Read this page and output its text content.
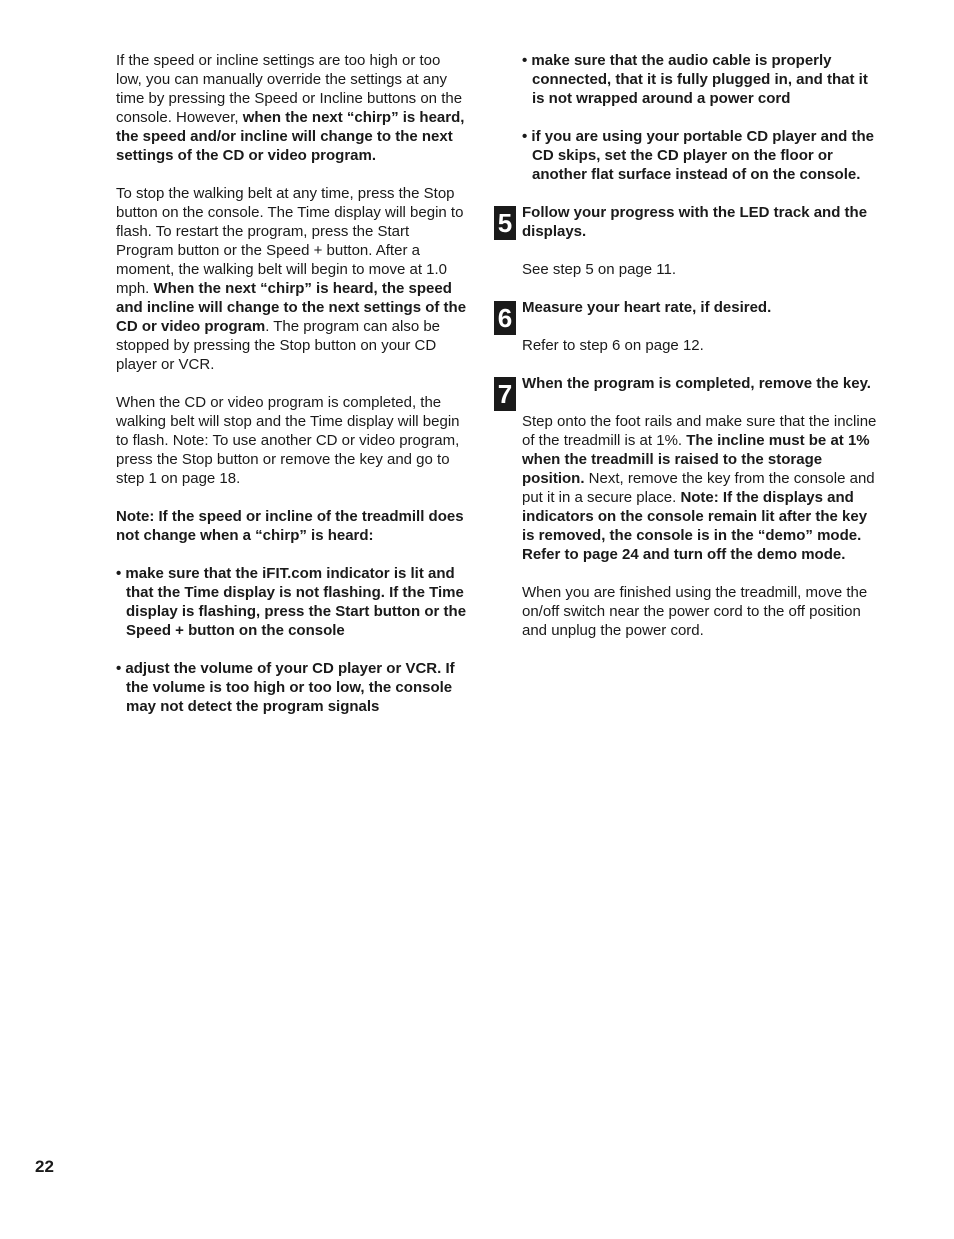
If the speed or incline settings are too high or too low, you can manually override the settings at any time by pressing the Speed or Incline buttons on the console. However, when the next “chirp” is heard, the speed and/or incline will change to the next settings of the CD or video program.

To stop the walking belt at any time, press the Stop button on the console. The Time display will begin to flash. To restart the program, press the Start Program button or the Speed + button. After a moment, the walking belt will begin to move at 1.0 mph. When the next “chirp” is heard, the speed and incline will change to the next settings of the CD or video program. The program can also be stopped by pressing the Stop button on your CD player or VCR.

When the CD or video program is completed, the walking belt will stop and the Time display will begin to flash. Note: To use another CD or video program, press the Stop button or remove the key and go to step 1 on page 18.

Note: If the speed or incline of the treadmill does not change when a “chirp” is heard:

• make sure that the iFIT.com indicator is lit and that the Time display is not flashing. If the Time display is flashing, press the Start button or the Speed + button on the console

• adjust the volume of your CD player or VCR. If the volume is too high or too low, the console may not detect the program signals

• make sure that the audio cable is properly connected, that it is fully plugged in, and that it is not wrapped around a power cord

• if you are using your portable CD player and the CD skips, set the CD player on the floor or another flat surface instead of on the console.

5 Follow your progress with the LED track and the displays.

See step 5 on page 11.

6 Measure your heart rate, if desired.

Refer to step 6 on page 12.

7 When the program is completed, remove the key.

Step onto the foot rails and make sure that the incline of the treadmill is at 1%. The incline must be at 1% when the treadmill is raised to the storage position. Next, remove the key from the console and put it in a secure place. Note: If the displays and indicators on the console remain lit after the key is removed, the console is in the “demo” mode. Refer to page 24 and turn off the demo mode.

When you are finished using the treadmill, move the on/off switch near the power cord to the off position and unplug the power cord.

22
